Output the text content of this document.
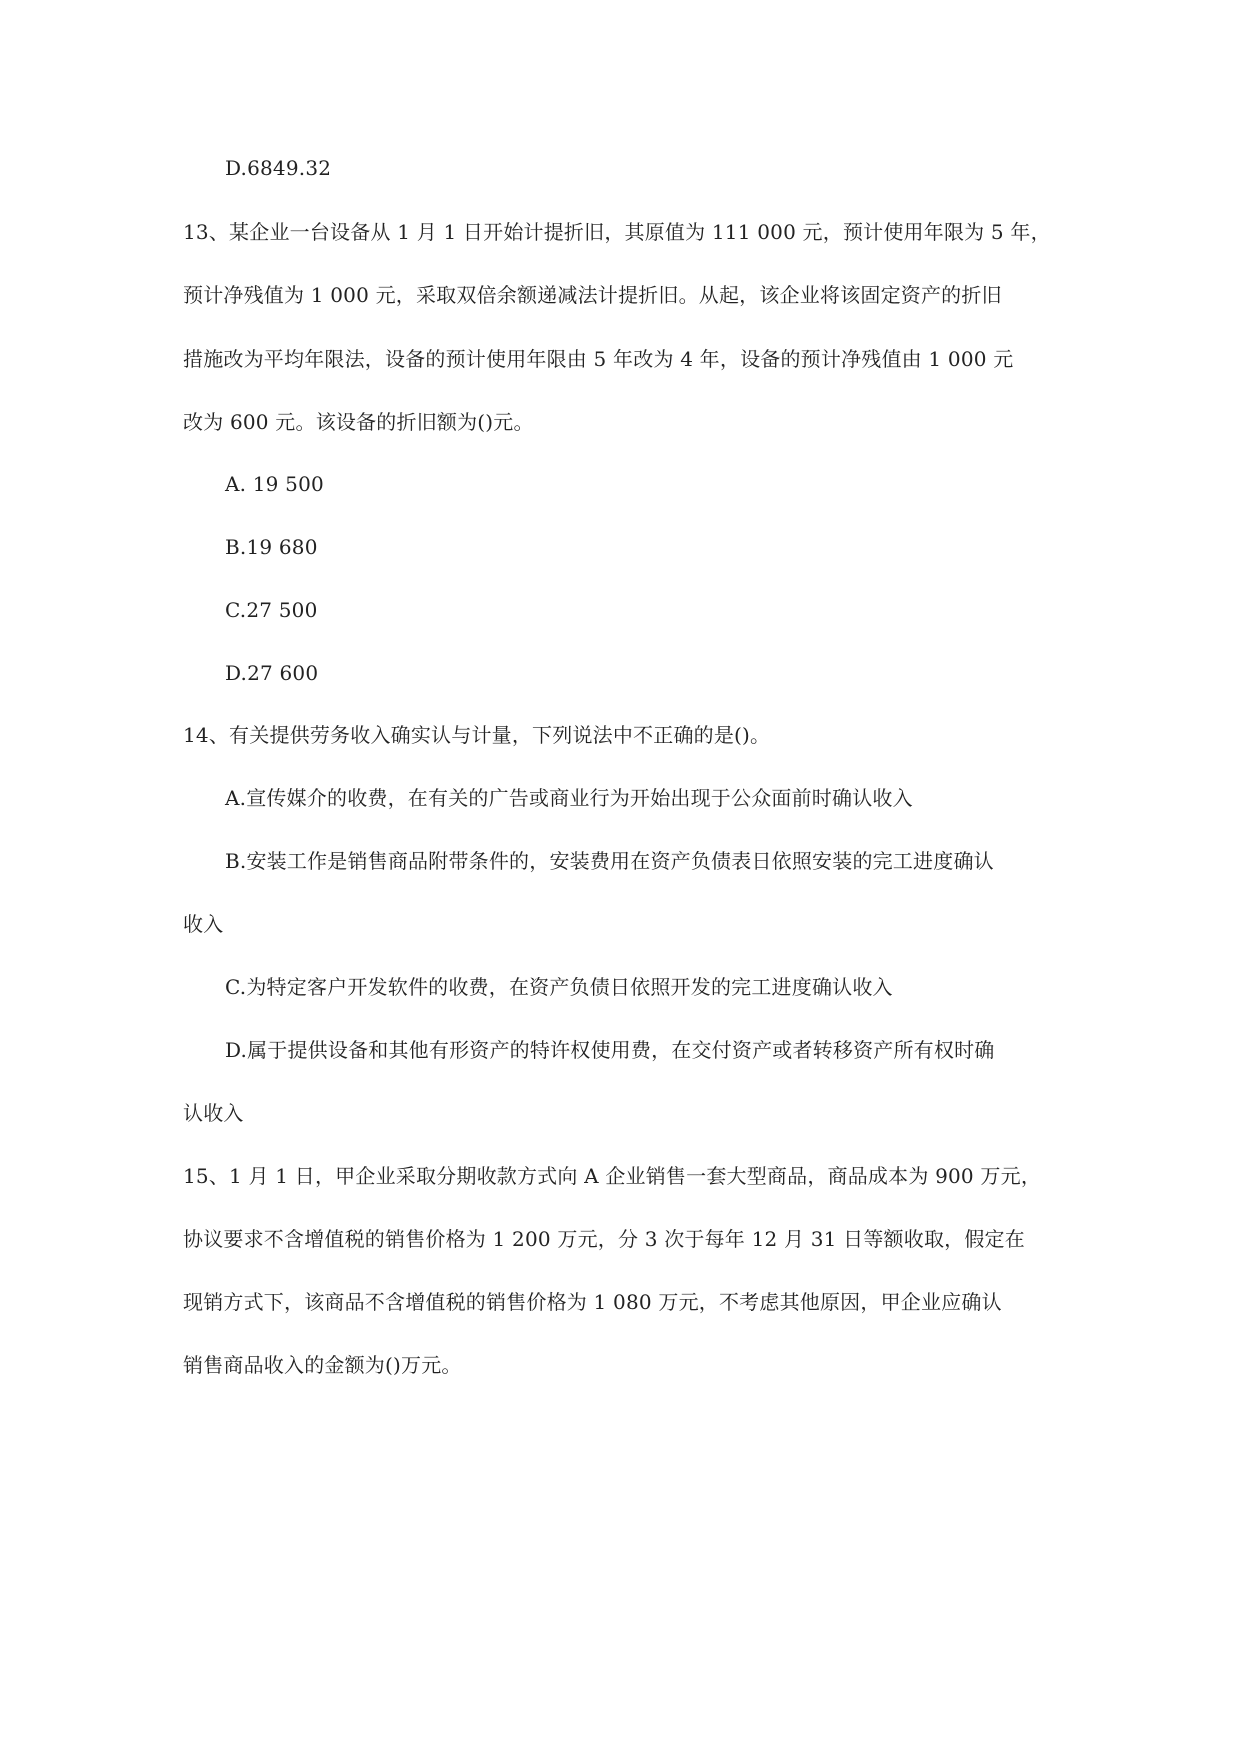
D.6849.32
13、某企业一台设备从 1 月 1 日开始计提折旧，其原值为 111 000 元，预计使用年限为 5 年，
预计净残值为 1 000 元，采取双倍余额递减法计提折旧。从起，该企业将该固定资产的折旧
措施改为平均年限法，设备的预计使用年限由 5 年改为 4 年，设备的预计净残值由 1 000 元
改为 600 元。该设备的折旧额为()元。
A. 19 500
B.19 680
C.27 500
D.27 600
14、有关提供劳务收入确实认与计量，下列说法中不正确的是()。
A.宣传媒介的收费，在有关的广告或商业行为开始出现于公众面前时确认收入
B.安装工作是销售商品附带条件的，安装费用在资产负债表日依照安装的完工进度确认
收入
C.为特定客户开发软件的收费，在资产负债日依照开发的完工进度确认收入
D.属于提供设备和其他有形资产的特许权使用费，在交付资产或者转移资产所有权时确
认收入
15、1 月 1 日，甲企业采取分期收款方式向 A 企业销售一套大型商品，商品成本为 900 万元，
协议要求不含增值税的销售价格为 1 200 万元，分 3 次于每年 12 月 31 日等额收取，假定在
现销方式下，该商品不含增值税的销售价格为 1 080 万元，不考虑其他原因，甲企业应确认
销售商品收入的金额为()万元。
